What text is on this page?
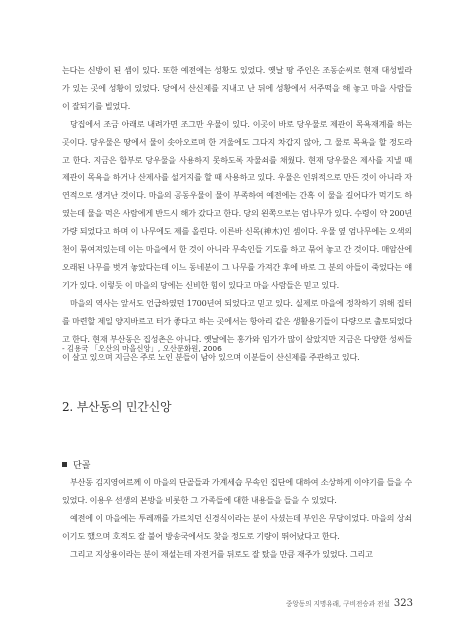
는다는 신방이 된 셈이 있다. 또한 예전에는 성황도 있었다. 옛날 땅 주인은 조동순씨로 현재 대성빌라가 있는 곳에 성황이 있었다. 당에서 산신제를 지내고 난 뒤에 성황에서 서주떡을 해 놓고 마을 사람들이 잘되기를 빌었다.

당집에서 조금 아래로 내려가면 조그만 우물이 있다. 이곳이 바로 당우물로 제관이 목욕재계를 하는 곳이다. 당우물은 땅에서 물이 솟아오르며 한 겨울에도 그다지 차갑지 않아, 그 물로 목욕을 할 정도라고 한다. 지금은 합부로 당우물을 사용하지 못하도록 자물쇠를 채웠다. 현재 당우물은 제사를 지낼 때 제관이 목욕을 하거나 산제사를 설거지를 할 때 사용하고 있다. 우물은 인위적으로 만든 것이 아니라 자연적으로 생겨난 것이다. 마을의 공동우물이 물이 부족하여 예전에는 간혹 이 물을 길어다가 먹기도 하였는데 물을 먹은 사람에게 반드시 해가 갔다고 한다. 당의 왼쪽으로는 엄나무가 있다. 수령이 약 200년가량 되었다고 하며 이 나무에도 제를 올린다. 이른바 신목(神木)인 셈이다. 우물 옆 엄나무에는 오색의 천이 묶여져있는데 이는 마을에서 한 것이 아니라 무속인들 기도를 하고 묶어 놓고 간 것이다. 매암산에 오래된 나무를 벗겨 놓았다는데 이느 동네분이 그 나무를 가져간 후에 바로 그 분의 아들이 죽었다는 얘기가 있다. 이렇듯 이 마을의 당에는 신비한 힘이 있다고 마을 사람들은 믿고 있다.

마을의 역사는 앞서도 언급하였던 1700년여 되었다고 믿고 있다. 실제로 마을에 정착하기 위해 집터를 마련할 제일 양지바르고 터가 좋다고 하는 곳에서는 항아리 같은 생활용기들이 다량으로 출토되었다고 한다. 현재 부산동은 집성촌은 아니다. 옛날에는 홍가와 임가가 많이 살았지만 지금은 다양한 성씨들이 살고 있으며 지금은 주로 노인 분들이 남아 있으며 이분들이 산신제를 주관하고 있다.

- 김용국 「오산의 마을신앙」, 오산문화원, 2006
2. 부산동의 민간신앙
단골

부산동 김지영여르께 이 마을의 단골들과 가계세습 무속인 집단에 대하여 소상하게 이야기를 들을 수 있었다. 이용우 선생의 본방을 비롯한 그 가족들에 대한 내용들을 들을 수 있었다.

예전에 이 마을에는 투레깨를 가르치던 신경식이라는 분이 사셨는데 부인은 무당이었다. 마을의 상쇠이기도 했으며 호적도 잘 불어 방송국에서도 찾을 정도로 기량이 뛰어났다고 한다.

그리고 지상용이라는 분이 재설는데 자전거를 뒤로도 잘 탔을 만큼 재주가 있었다. 그리고

중앙동의 지명유래, 구비전승과 전설 323
